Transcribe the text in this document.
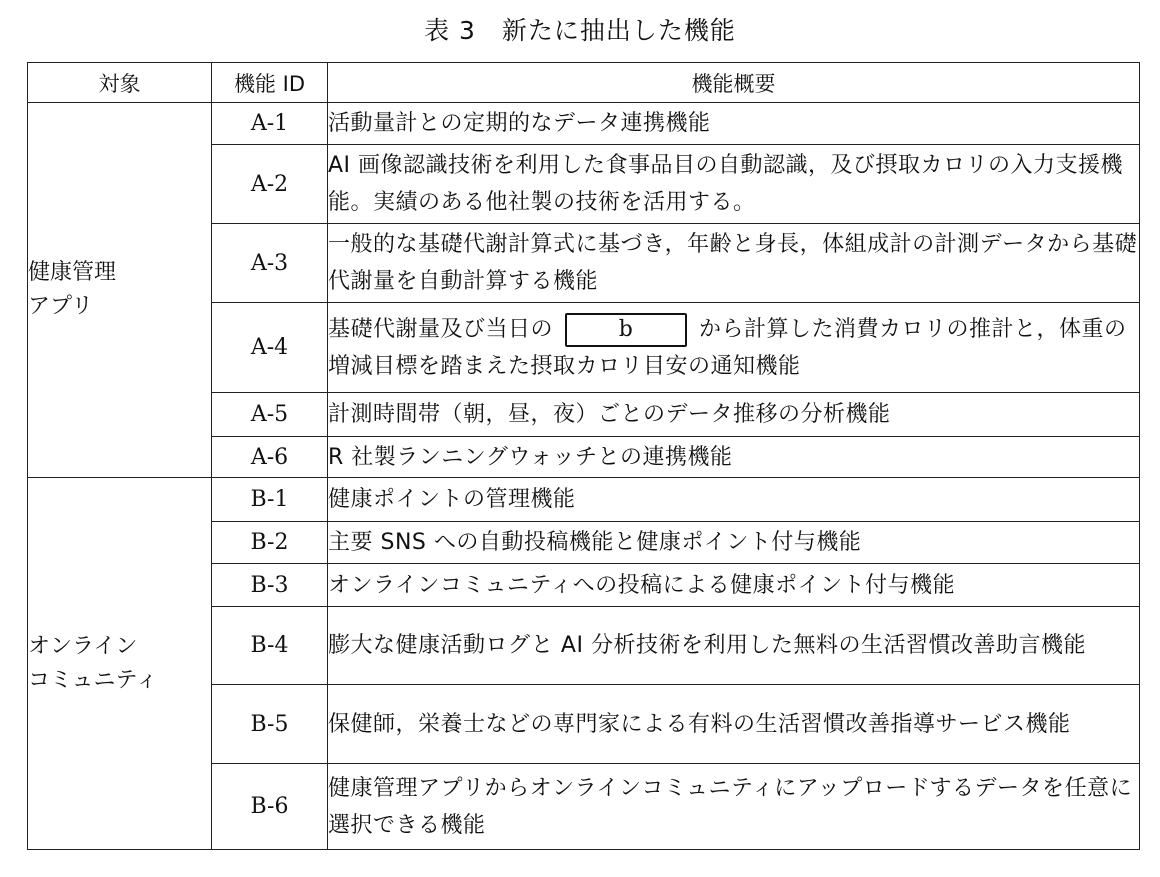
表 3　新たに抽出した機能
対象	機能 ID	機能概要

健康管理
アプリ	A-1	活動量計との定期的なデータ連携機能
	A-2	AI 画像認識技術を利用した食事品目の自動認識，及び摂取カロリの入力支援機能。実績のある他社製の技術を活用する。
	A-3	一般的な基礎代謝計算式に基づき，年齢と身長，体組成計の計測データから基礎代謝量を自動計算する機能
	A-4	基礎代謝量及び当日の b から計算した消費カロリの推計と，体重の増減目標を踏まえた摂取カロリ目安の通知機能
	A-5	計測時間帯（朝，昼，夜）ごとのデータ推移の分析機能
	A-6	R 社製ランニングウォッチとの連携機能

オンライン
コミュニティ	B-1	健康ポイントの管理機能
	B-2	主要 SNS への自動投稿機能と健康ポイント付与機能
	B-3	オンラインコミュニティへの投稿による健康ポイント付与機能
	B-4	膨大な健康活動ログと AI 分析技術を利用した無料の生活習慣改善助言機能
	B-5	保健師，栄養士などの専門家による有料の生活習慣改善指導サービス機能
	B-6	健康管理アプリからオンラインコミュニティにアップロードするデータを任意に選択できる機能
